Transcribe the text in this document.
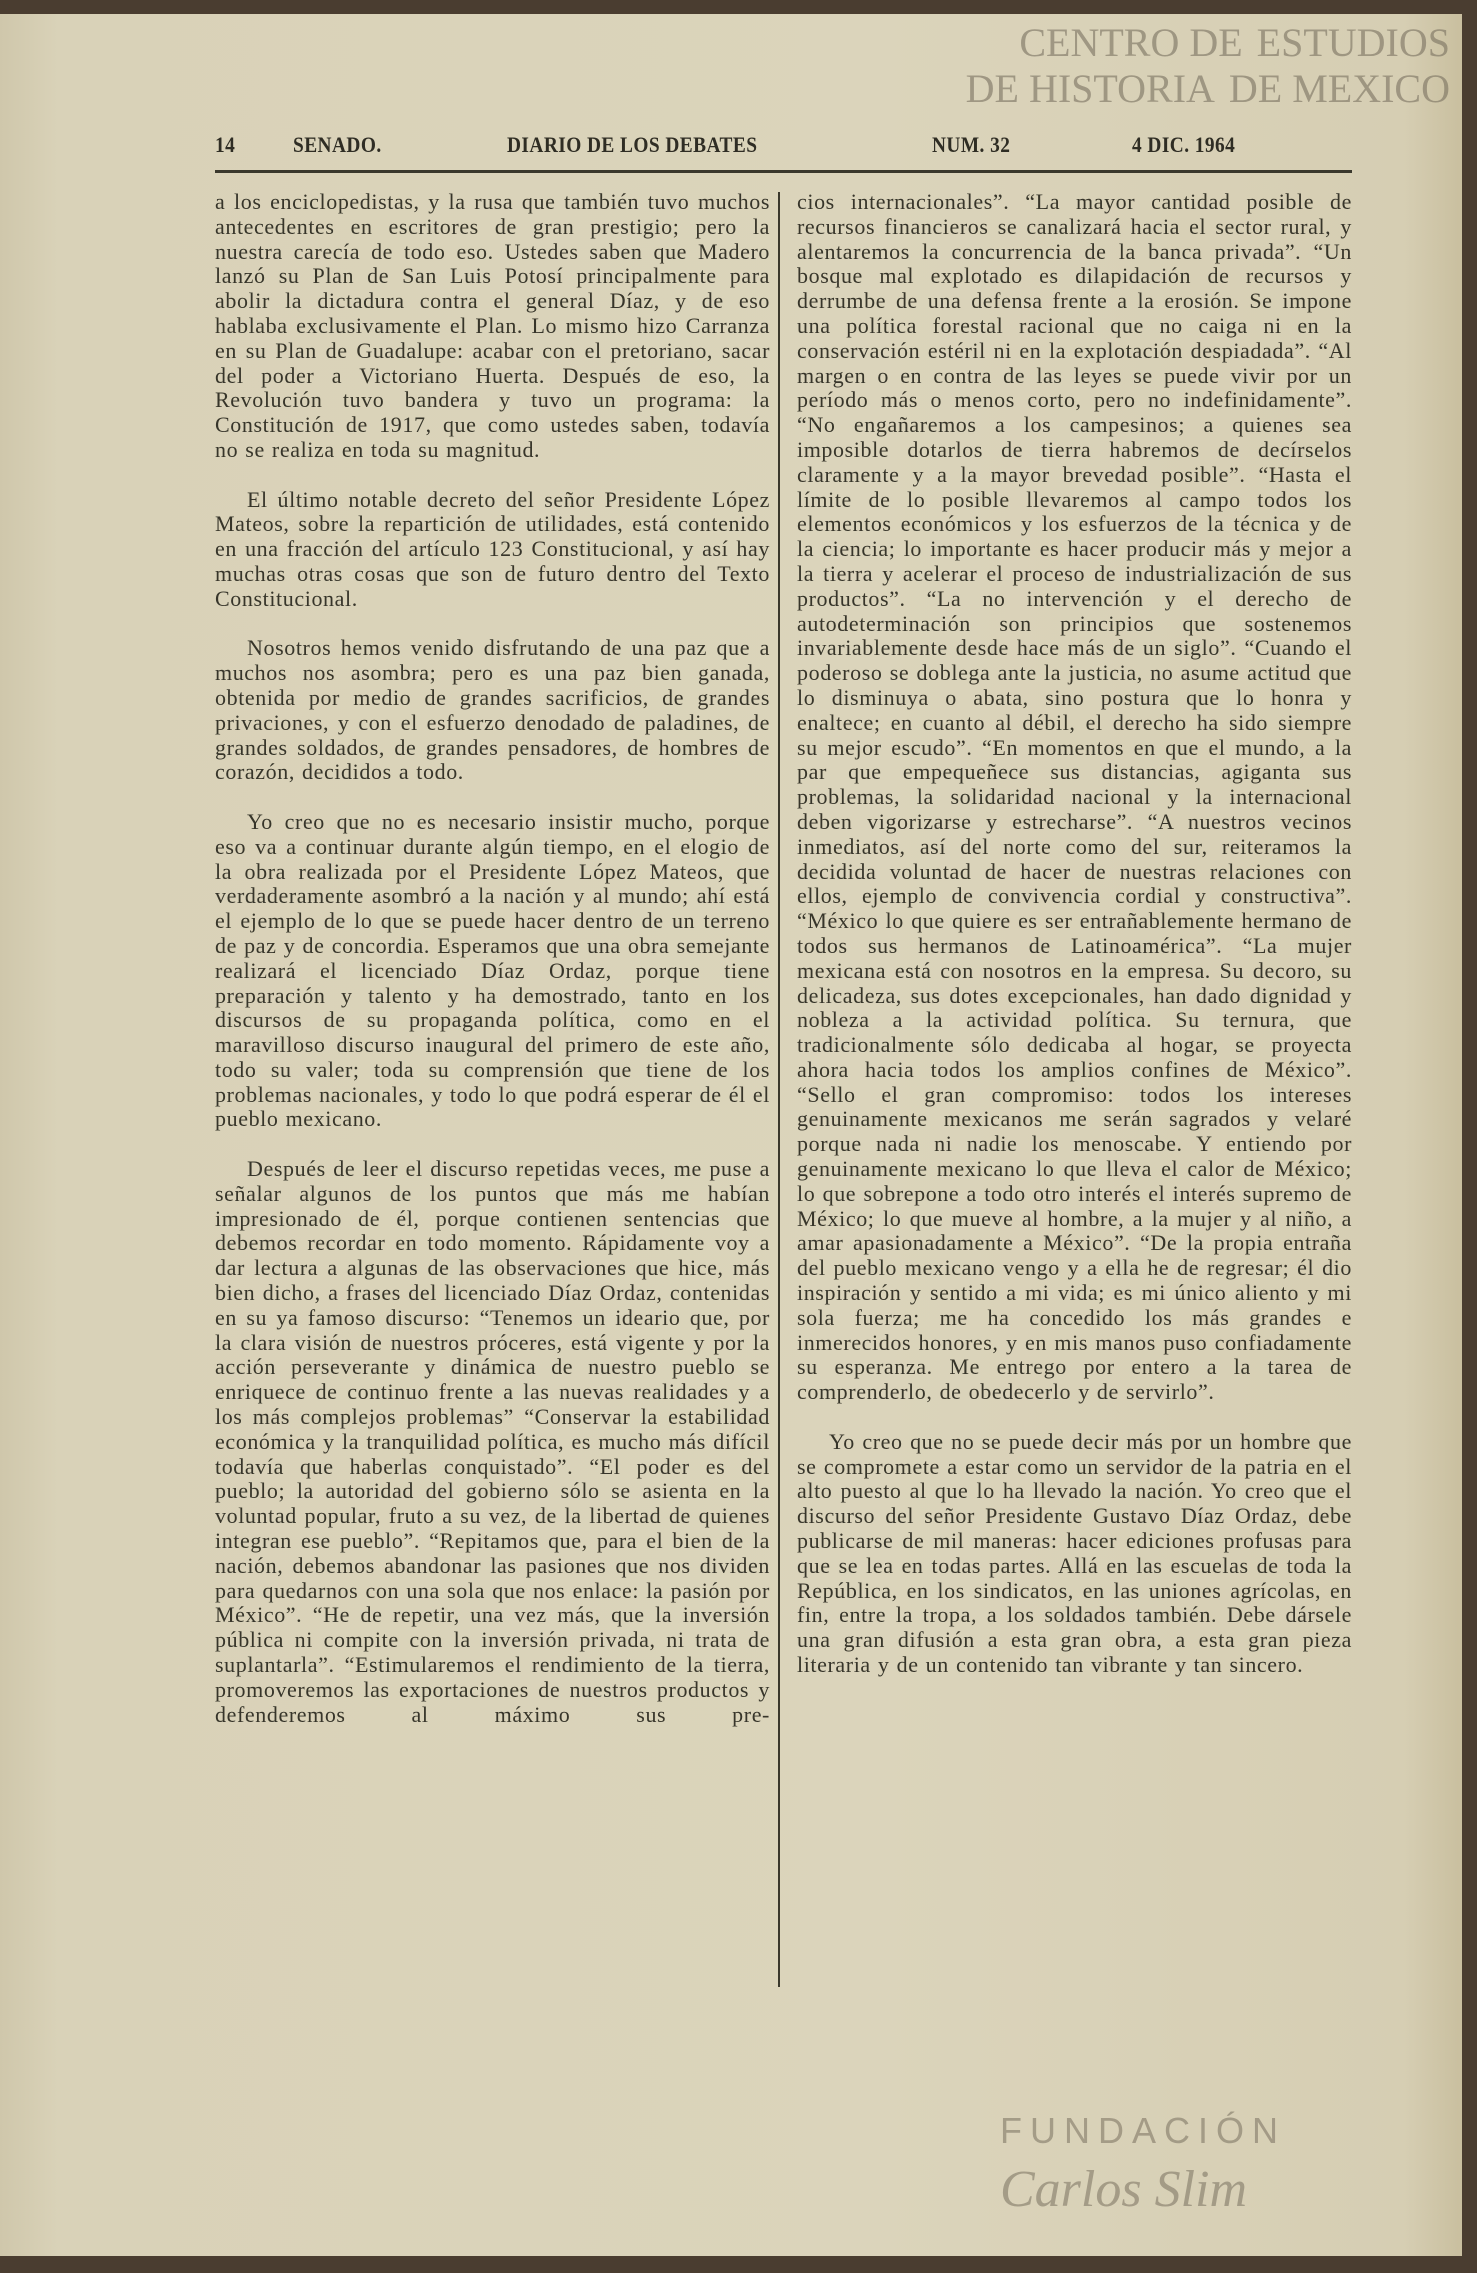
CENTRO DE ESTUDIOS
DE HISTORIA DE MEXICO
FUNDACIÓN
Carlos Slim
14	SENADO.	DIARIO DE LOS DEBATES	NUM. 32	4 DIC. 1964

a los enciclopedistas, y la rusa que también tuvo muchos antecedentes en escritores de gran prestigio; pero la nuestra carecía de todo eso. Ustedes saben que Madero lanzó su Plan de San Luis Potosí principalmente para abolir la dictadura contra el general Díaz, y de eso hablaba exclusivamente el Plan. Lo mismo hizo Carranza en su Plan de Guadalupe: acabar con el pretoriano, sacar del poder a Victoriano Huerta. Después de eso, la Revolución tuvo bandera y tuvo un programa: la Constitución de 1917, que como ustedes saben, todavía no se realiza en toda su magnitud.

El último notable decreto del señor Presidente López Mateos, sobre la repartición de utilidades, está contenido en una fracción del artículo 123 Constitucional, y así hay muchas otras cosas que son de futuro dentro del Texto Constitucional.

Nosotros hemos venido disfrutando de una paz que a muchos nos asombra; pero es una paz bien ganada, obtenida por medio de grandes sacrificios, de grandes privaciones, y con el esfuerzo denodado de paladines, de grandes soldados, de grandes pensadores, de hombres de corazón, decididos a todo.

Yo creo que no es necesario insistir mucho, porque eso va a continuar durante algún tiempo, en el elogio de la obra realizada por el Presidente López Mateos, que verdaderamente asombró a la nación y al mundo; ahí está el ejemplo de lo que se puede hacer dentro de un terreno de paz y de concordia. Esperamos que una obra semejante realizará el licenciado Díaz Ordaz, porque tiene preparación y talento y ha demostrado, tanto en los discursos de su propaganda política, como en el maravilloso discurso inaugural del primero de este año, todo su valer; toda su comprensión que tiene de los problemas nacionales, y todo lo que podrá esperar de él el pueblo mexicano.

Después de leer el discurso repetidas veces, me puse a señalar algunos de los puntos que más me habían impresionado de él, porque contienen sentencias que debemos recordar en todo momento. Rápidamente voy a dar lectura a algunas de las observaciones que hice, más bien dicho, a frases del licenciado Díaz Ordaz, contenidas en su ya famoso discurso: “Tenemos un ideario que, por la clara visión de nuestros próceres, está vigente y por la acción perseverante y dinámica de nuestro pueblo se enriquece de continuo frente a las nuevas realidades y a los más complejos problemas” “Conservar la estabilidad económica y la tranquilidad política, es mucho más difícil todavía que haberlas conquistado”. “El poder es del pueblo; la autoridad del gobierno sólo se asienta en la voluntad popular, fruto a su vez, de la libertad de quienes integran ese pueblo”. “Repitamos que, para el bien de la nación, debemos abandonar las pasiones que nos dividen para quedarnos con una sola que nos enlace: la pasión por México”. “He de repetir, una vez más, que la inversión pública ni compite con la inversión privada, ni trata de suplantarla”. “Estimularemos el rendimiento de la tierra, promoveremos las exportaciones de nuestros productos y defenderemos al máximo sus pre-

cios internacionales”. “La mayor cantidad posible de recursos financieros se canalizará hacia el sector rural, y alentaremos la concurrencia de la banca privada”. “Un bosque mal explotado es dilapidación de recursos y derrumbe de una defensa frente a la erosión. Se impone una política forestal racional que no caiga ni en la conservación estéril ni en la explotación despiadada”. “Al margen o en contra de las leyes se puede vivir por un período más o menos corto, pero no indefinidamente”. “No engañaremos a los campesinos; a quienes sea imposible dotarlos de tierra habremos de decírselos claramente y a la mayor brevedad posible”. “Hasta el límite de lo posible llevaremos al campo todos los elementos económicos y los esfuerzos de la técnica y de la ciencia; lo importante es hacer producir más y mejor a la tierra y acelerar el proceso de industrialización de sus productos”. “La no intervención y el derecho de autodeterminación son principios que sostenemos invariablemente desde hace más de un siglo”. “Cuando el poderoso se doblega ante la justicia, no asume actitud que lo disminuya o abata, sino postura que lo honra y enaltece; en cuanto al débil, el derecho ha sido siempre su mejor escudo”. “En momentos en que el mundo, a la par que empequeñece sus distancias, agiganta sus problemas, la solidaridad nacional y la internacional deben vigorizarse y estrecharse”. “A nuestros vecinos inmediatos, así del norte como del sur, reiteramos la decidida voluntad de hacer de nuestras relaciones con ellos, ejemplo de convivencia cordial y constructiva”. “México lo que quiere es ser entrañablemente hermano de todos sus hermanos de Latinoamérica”. “La mujer mexicana está con nosotros en la empresa. Su decoro, su delicadeza, sus dotes excepcionales, han dado dignidad y nobleza a la actividad política. Su ternura, que tradicionalmente sólo dedicaba al hogar, se proyecta ahora hacia todos los amplios confines de México”. “Sello el gran compromiso: todos los intereses genuinamente mexicanos me serán sagrados y velaré porque nada ni nadie los menoscabe. Y entiendo por genuinamente mexicano lo que lleva el calor de México; lo que sobrepone a todo otro interés el interés supremo de México; lo que mueve al hombre, a la mujer y al niño, a amar apasionadamente a México”. “De la propia entraña del pueblo mexicano vengo y a ella he de regresar; él dio inspiración y sentido a mi vida; es mi único aliento y mi sola fuerza; me ha concedido los más grandes e inmerecidos honores, y en mis manos puso confiadamente su esperanza. Me entrego por entero a la tarea de comprenderlo, de obedecerlo y de servirlo”.

Yo creo que no se puede decir más por un hombre que se compromete a estar como un servidor de la patria en el alto puesto al que lo ha llevado la nación. Yo creo que el discurso del señor Presidente Gustavo Díaz Ordaz, debe publicarse de mil maneras: hacer ediciones profusas para que se lea en todas partes. Allá en las escuelas de toda la República, en los sindicatos, en las uniones agrícolas, en fin, entre la tropa, a los soldados también. Debe dársele una gran difusión a esta gran obra, a esta gran pieza literaria y de un contenido tan vibrante y tan sincero.
